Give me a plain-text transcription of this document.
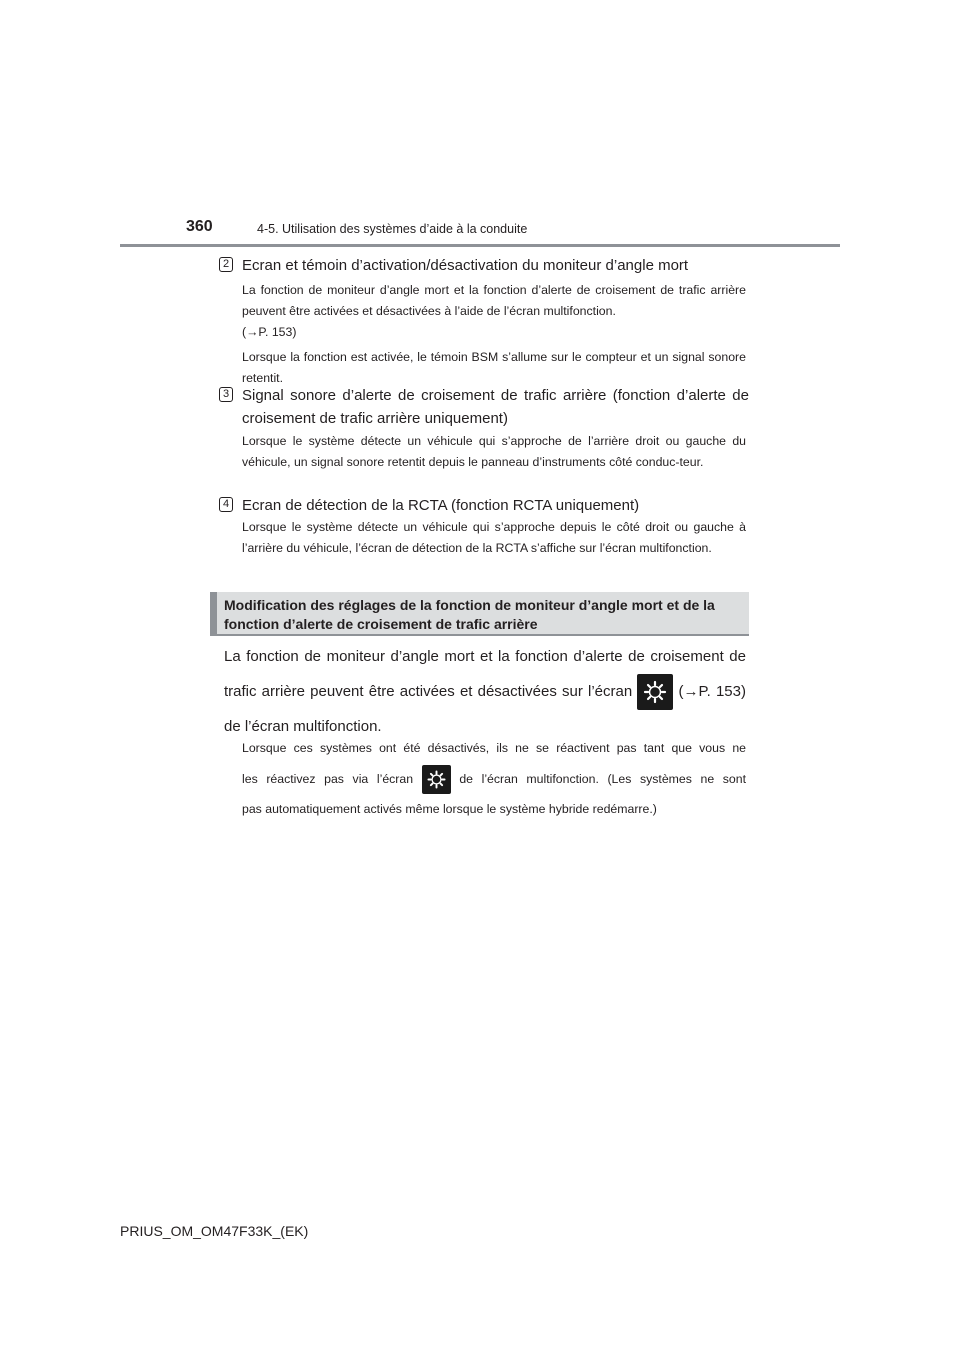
360	4-5. Utilisation des systèmes d’aide à la conduite
2 Ecran et témoin d’activation/désactivation du moniteur d’angle mort

La fonction de moniteur d’angle mort et la fonction d’alerte de croisement de trafic arrière peuvent être activées et désactivées à l’aide de l’écran multifonction.

(→P. 153)

Lorsque la fonction est activée, le témoin BSM s’allume sur le compteur et un signal sonore retentit.

3 Signal sonore d’alerte de croisement de trafic arrière (fonction d’alerte de croisement de trafic arrière uniquement)

Lorsque le système détecte un véhicule qui s’approche de l’arrière droit ou gauche du véhicule, un signal sonore retentit depuis le panneau d’instruments côté conduc-teur.

4 Ecran de détection de la RCTA (fonction RCTA uniquement)

Lorsque le système détecte un véhicule qui s’approche depuis le côté droit ou gauche à l’arrière du véhicule, l’écran de détection de la RCTA s’affiche sur l’écran multifonction.

Modification des réglages de la fonction de moniteur d’angle mort et de la fonction d’alerte de croisement de trafic arrière
La fonction de moniteur d’angle mort et la fonction d’alerte de croisement de
trafic arrière peuvent être activées et désactivées sur l’écran	(→P. 153)
de l’écran multifonction.
Lorsque ces systèmes ont été désactivés, ils ne se réactivent pas tant que vous ne
les réactivez pas via l’écran	de l’écran multifonction. (Les systèmes ne sont
pas automatiquement activés même lorsque le système hybride redémarre.)
PRIUS_OM_OM47F33K_(EK)
